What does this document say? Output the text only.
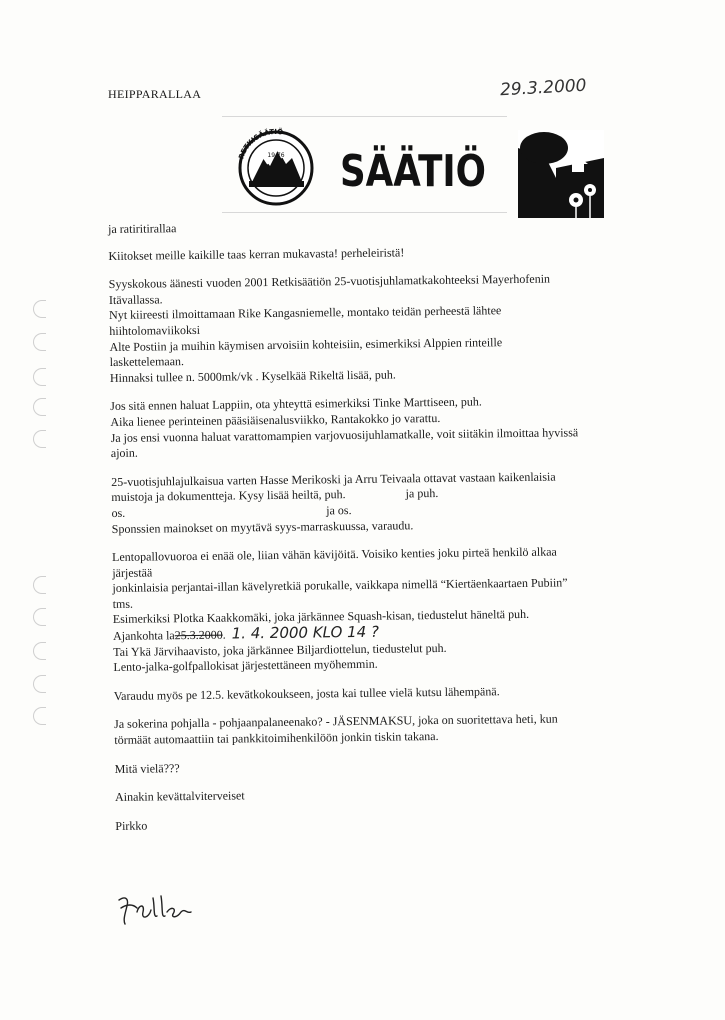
HEIPPARALLAA	29.3.2000
RETKISÄÄTIÖ
19 76 SÄÄTIÖ

ja ratiritirallaa

Kiitokset meille kaikille taas kerran mukavasta! perheleiristä!

Syyskokous äänesti vuoden 2001 Retkisäätiön 25-vuotisjuhlamatkakohteeksi Mayerhofenin

Itävallassa.

Nyt kiireesti ilmoittamaan Rike Kangasniemelle, montako teidän perheestä lähtee

hiihtolomaviikoksi

Alte Postiin ja muihin käymisen arvoisiin kohteisiin, esimerkiksi Alppien rinteille

laskettelemaan.

Hinnaksi tullee n. 5000mk/vk . Kyselkää Rikeltä lisää, puh.

Jos sitä ennen haluat Lappiin, ota yhteyttä esimerkiksi Tinke Marttiseen, puh.

Aika lienee perinteinen pääsiäisenalusviikko, Rantakokko jo varattu.

Ja jos ensi vuonna haluat varattomampien varjovuosijuhlamatkalle, voit siitäkin ilmoittaa hyvissä

ajoin.

25-vuotisjuhlajulkaisua varten Hasse Merikoski ja Arru Teivaala ottavat vastaan kaikenlaisia

muistoja ja dokumentteja. Kysy lisää heiltä, puh.                    ja puh.

os.                                                                   ja os.

Sponssien mainokset on myytävä syys-marraskuussa, varaudu.

Lentopallovuoroa ei enää ole, liian vähän kävijöitä. Voisiko kenties joku pirteä henkilö alkaa

järjestää

jonkinlaisia perjantai-illan kävelyretkiä porukalle, vaikkapa nimellä “Kiertäenkaartaen Pubiin”

tms.

Esimerkiksi Plotka Kaakkomäki, joka järkännee Squash-kisan, tiedustelut häneltä puh.

Ajankohta la25.3.2000.  1. 4. 2000 KLO 14 ?

Tai Ykä Järvihaavisto, joka järkännee Biljardiottelun, tiedustelut puh.

Lento-jalka-golfpallokisat järjestettäneen myöhemmin.

Varaudu myös pe 12.5. kevätkokoukseen, josta kai tullee vielä kutsu lähempänä.

Ja sokerina pohjalla - pohjaanpalaneenako? - JÄSENMAKSU, joka on suoritettava heti, kun

törmäät automaattiin tai pankkitoimihenkilöön jonkin tiskin takana.

Mitä vielä???

Ainakin kevättalviterveiset

Pirkko
